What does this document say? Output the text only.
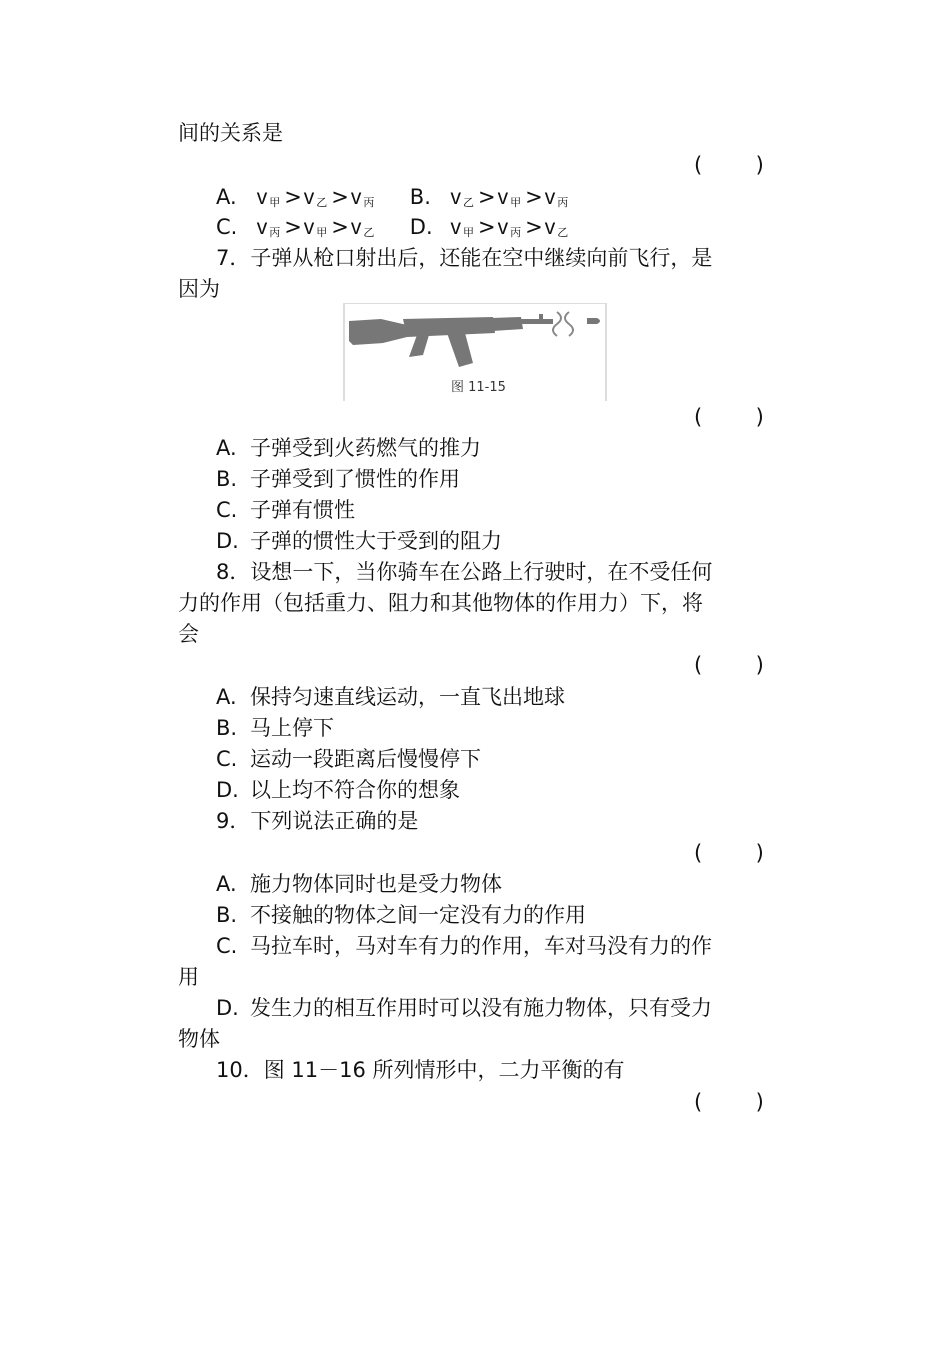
间的关系是
(        )
A. v 甲 >v 乙 >v 丙 B. v 乙 >v 甲 >v 丙
C. v 丙 >v 甲 >v 乙 D. v 甲 >v 丙 >v 乙
7．子弹从枪口射出后，还能在空中继续向前飞行，是
因为
图 11-15
(        )
A. 子弹受到火药燃气的推力
B. 子弹受到了惯性的作用
C. 子弹有惯性
D. 子弹的惯性大于受到的阻力
8．设想一下，当你骑车在公路上行驶时，在不受任何
力的作用（包括重力、阻力和其他物体的作用力）下，将
会
(        )
A. 保持匀速直线运动，一直飞出地球
B. 马上停下
C. 运动一段距离后慢慢停下
D. 以上均不符合你的想象
9．下列说法正确的是
(        )
A. 施力物体同时也是受力物体
B. 不接触的物体之间一定没有力的作用
C. 马拉车时，马对车有力的作用，车对马没有力的作
用
D. 发生力的相互作用时可以没有施力物体，只有受力
物体
10．图 11－16 所列情形中，二力平衡的有
(        )
